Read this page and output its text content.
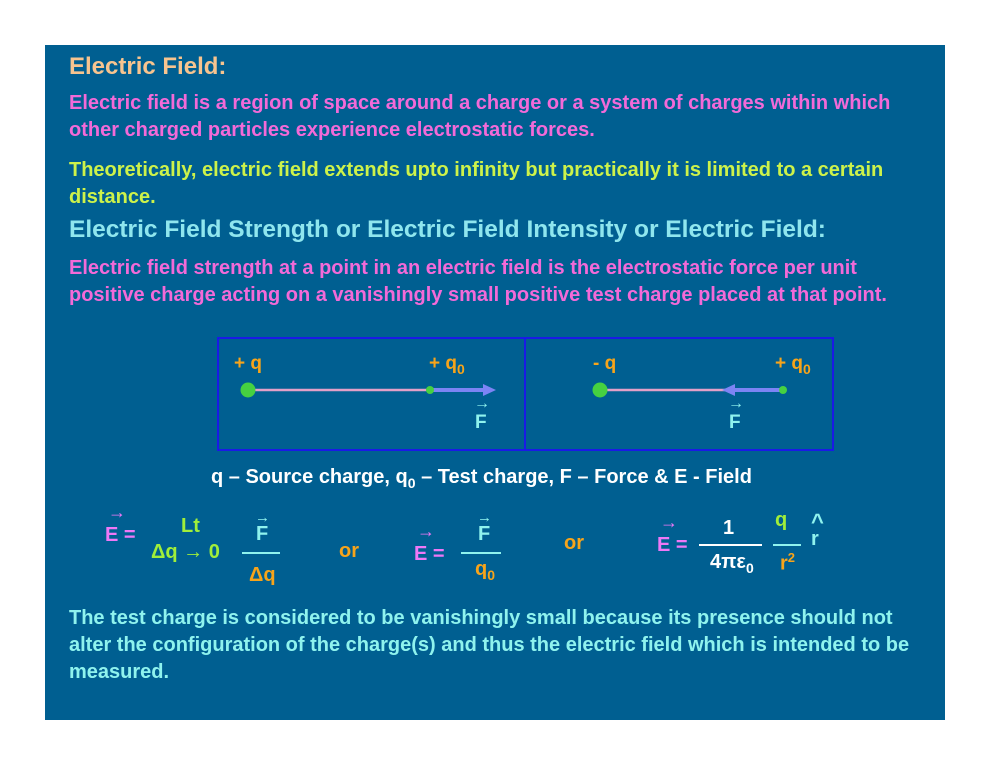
Electric Field:
Electric field is a region of space around a charge or a system of charges within which other charged particles experience electrostatic forces.
Theoretically, electric field extends upto infinity but practically it is limited to a certain distance.
Electric Field Strength or Electric Field Intensity or Electric Field:
Electric field strength at a point in an electric field is the electrostatic force per unit positive charge acting on a vanishingly small positive test charge placed at that point.
+ q	+ $q_0$
→
F
- q	+ $q_0$
→
F
q – Source charge, $q_0$ – Test charge, F – Force & E - Field
→
E = Lt
Δq → 0
→
F
Δq
or
→
E =
→
F
$q_0$
or
→
E =
1
$4\pi\varepsilon_0$
q
$r^2$
^
r
The test charge is considered to be vanishingly small because its presence should not alter the configuration of the charge(s) and thus the electric field which is intended to be measured.
